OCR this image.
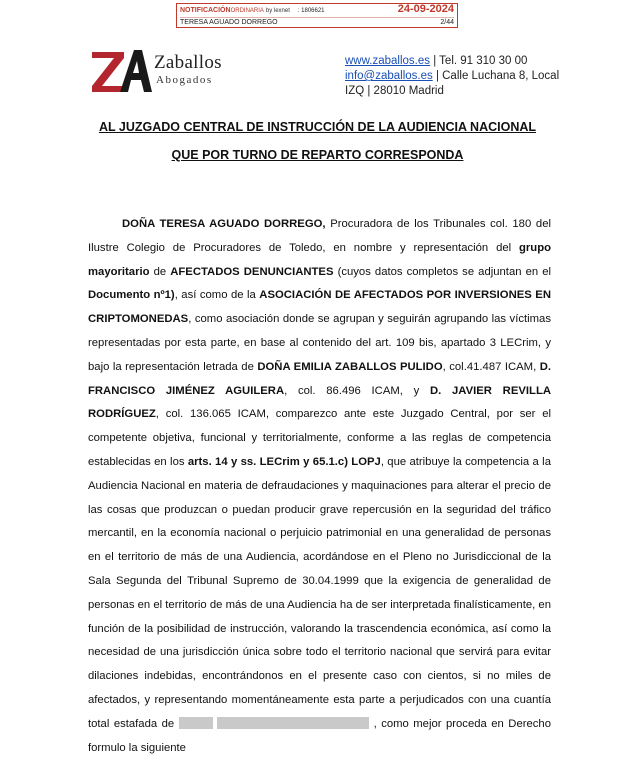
NOTIFICACIÓNORDINARIA by lexnet : 1806621	24-09-2024
TERESA AGUADO DORREGO	2/44
Zaballos
Abogados
www.zaballos.es | Tel. 91 310 30 00
info@zaballos.es | Calle Luchana 8, Local
IZQ | 28010 Madrid
AL JUZGADO CENTRAL DE INSTRUCCIÓN DE LA AUDIENCIA NACIONAL
QUE POR TURNO DE REPARTO CORRESPONDA

DOÑA TERESA AGUADO DORREGO, Procuradora de los Tribunales col. 180 del Ilustre Colegio de Procuradores de Toledo, en nombre y representación del grupo mayoritario de AFECTADOS DENUNCIANTES (cuyos datos completos se adjuntan en el Documento nº1), así como de la ASOCIACIÓN DE AFECTADOS POR INVERSIONES EN CRIPTOMONEDAS, como asociación donde se agrupan y seguirán agrupando las víctimas representadas por esta parte, en base al contenido del art. 109 bis, apartado 3 LECrim, y bajo la representación letrada de DOÑA EMILIA ZABALLOS PULIDO, col.41.487 ICAM, D. FRANCISCO JIMÉNEZ AGUILERA, col. 86.496 ICAM, y D. JAVIER REVILLA RODRÍGUEZ, col. 136.065 ICAM, comparezco ante este Juzgado Central, por ser el competente objetiva, funcional y territorialmente, conforme a las reglas de competencia establecidas en los arts. 14 y ss. LECrim y 65.1.c) LOPJ, que atribuye la competencia a la Audiencia Nacional en materia de defraudaciones y maquinaciones para alterar el precio de las cosas que produzcan o puedan producir grave repercusión en la seguridad del tráfico mercantil, en la economía nacional o perjuicio patrimonial en una generalidad de personas en el territorio de más de una Audiencia, acordándose en el Pleno no Jurisdiccional de la Sala Segunda del Tribunal Supremo de 30.04.1999 que la exigencia de generalidad de personas en el territorio de más de una Audiencia ha de ser interpretada finalísticamente, en función de la posibilidad de instrucción, valorando la trascendencia económica, así como la necesidad de una jurisdicción única sobre todo el territorio nacional que servirá para evitar dilaciones indebidas, encontrándonos en el presente caso con cientos, si no miles de afectados, y representando momentáneamente esta parte a perjudicados con una cuantía total estafada de	, como mejor proceda en Derecho formulo la siguiente
